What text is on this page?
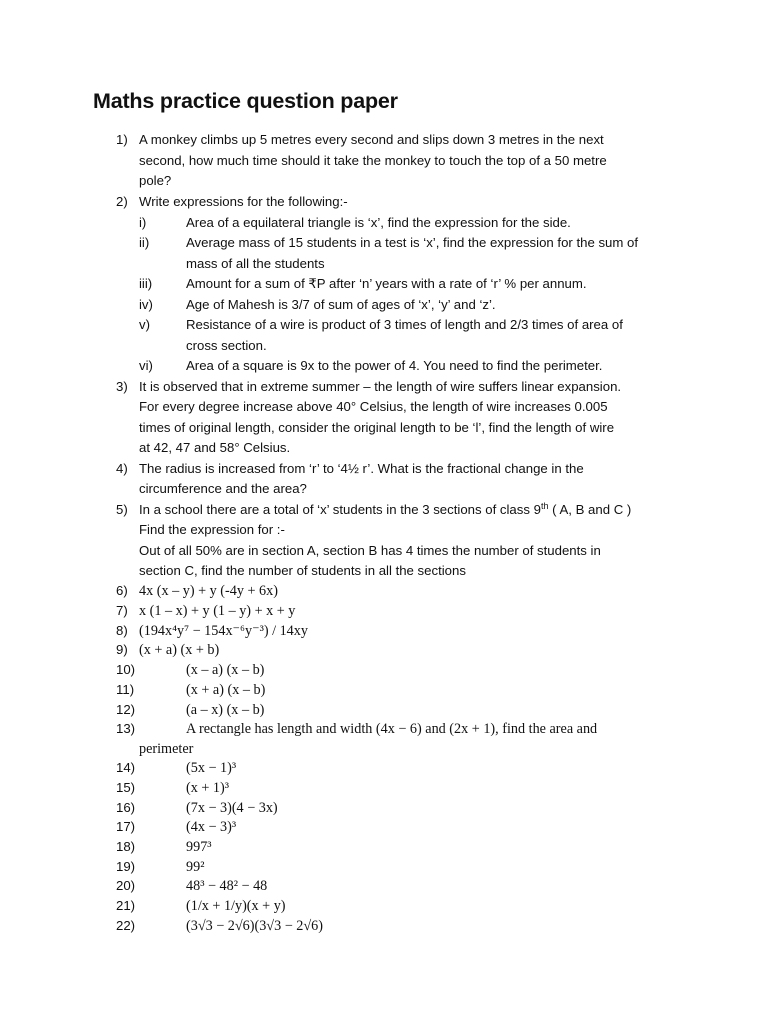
Maths practice question paper
1) A monkey climbs up 5 metres every second and slips down 3 metres in the next
second, how much time should it take the monkey to touch the top of a 50 metre
pole?
2) Write expressions for the following:-
i)	Area of a equilateral triangle is ‘x’, find the expression for the side.
ii)	Average mass of 15 students in a test is ‘x’, find the expression for the sum of
mass of all the students
iii)	Amount for a sum of ₹P after ‘n’ years with a rate of ‘r’ % per annum.
iv)	Age of Mahesh is 3/7 of sum of ages of ‘x’, ‘y’ and ‘z’.
v)	Resistance of a wire is product of 3 times of length and 2/3 times of area of
cross section.
vi)	Area of a square is 9x to the power of 4. You need to find the perimeter.
3) It is observed that in extreme summer – the length of wire suffers linear expansion.
For every degree increase above 40° Celsius, the length of wire increases 0.005
times of original length, consider the original length to be ‘l’, find the length of wire
at 42, 47 and 58° Celsius.
4) The radius is increased from ‘r’ to ‘4½ r’. What is the fractional change in the
circumference and the area?
5) In a school there are a total of ‘x’ students in the 3 sections of class 9th ( A, B and C )
Find the expression for :-
Out of all 50% are in section A, section B has 4 times the number of students in
section C, find the number of students in all the sections
6) 4x (x – y) + y (-4y + 6x)
7) x (1 – x) + y (1 – y) + x + y
8) (194x⁴y⁷ − 154x⁻⁶y⁻³) / 14xy
9) (x + a) (x + b)
10)	(x – a) (x – b)
11)	(x + a) (x – b)
12)	(a – x) (x – b)
13)	A rectangle has length and width (4x − 6) and (2x + 1), find the area and
perimeter
14)	(5x − 1)³
15)	(x + 1)³
16)	(7x − 3)(4 − 3x)
17)	(4x − 3)³
18)	997³
19)	99²
20)	48³ − 48² − 48
21)	(1/x + 1/y)(x + y)
22)	(3√3 − 2√6)(3√3 − 2√6)
